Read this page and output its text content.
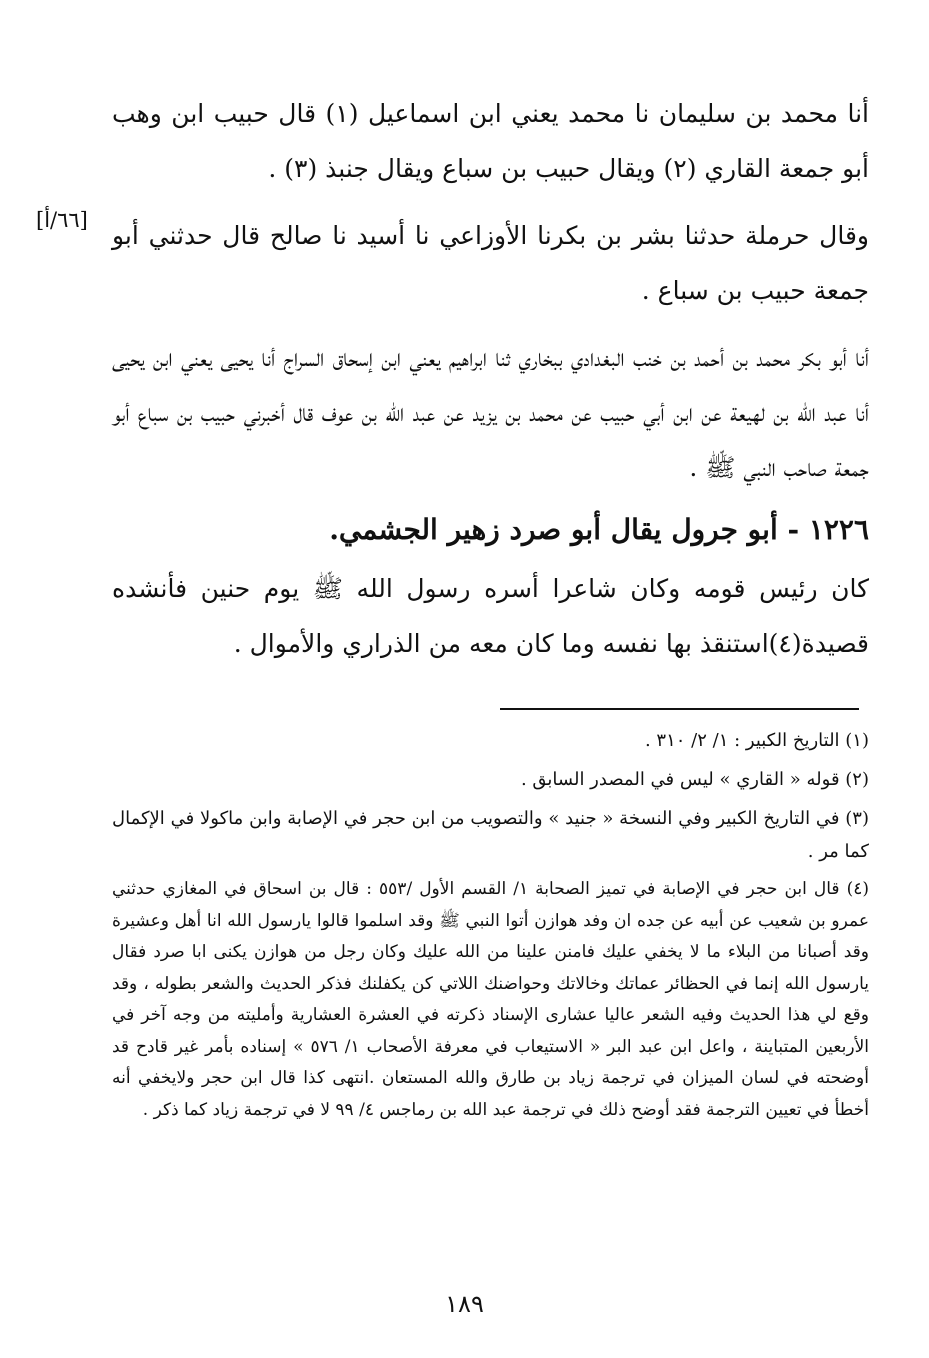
[٦٦/أ]

أنا محمد بن سليمان نا محمد يعني ابن اسماعيل (١) قال حبيب ابن وهب أبو جمعة القاري (٢) ويقال حبيب بن سباع ويقال جنبذ (٣) .

وقال حرملة حدثنا بشر بن بكرنا الأوزاعي نا أسيد نا صالح قال حدثني أبو جمعة حبيب بن سباع .

أنا أبو بكر محمد بن أحمد بن خنب البغدادي ببخاري ثنا ابراهيم يعني ابن إسحاق السراج أنا يحيى يعني ابن يحيى أنا عبد الله بن لهيعة عن ابن أبي حبيب عن محمد بن يزيد عن عبد الله بن عوف قال أخبرني حبيب بن سباع أبو جمعة صاحب النبي ﷺ .

١٢٢٦ - أبو جرول يقال أبو صرد زهير الجشمي.

كان رئيس قومه وكان شاعرا أسره رسول الله ﷺ يوم حنين فأنشده قصيدة(٤)استنقذ بها نفسه وما كان معه من الذراري والأموال .

(١) التاريخ الكبير : ١/ ٢/ ٣١٠ .

(٢) قوله « القاري » ليس في المصدر السابق .

(٣) في التاريخ الكبير وفي النسخة « جنيد » والتصويب من ابن حجر في الإصابة وابن ماكولا في الإكمال كما مر .

(٤) قال ابن حجر في الإصابة في تميز الصحابة ١/ القسم الأول /٥٥٣ : قال بن اسحاق في المغازي حدثني عمرو بن شعيب عن أبيه عن جده ان وفد هوازن أتوا النبي ﷺ وقد اسلموا قالوا يارسول الله انا أهل وعشيرة وقد أصبانا من البلاء ما لا يخفي عليك فامنن علينا من الله عليك وكان رجل من هوازن يكنى ابا صرد فقال يارسول الله إنما في الحظائر عماتك وخالاتك وحواضنك اللاتي كن يكفلنك فذكر الحديث والشعر بطوله ، وقد وقع لي هذا الحديث وفيه الشعر عاليا عشارى الإسناد ذكرته في العشرة العشارية وأمليته من وجه آخر في الأربعين المتباينة ، واعل ابن عبد البر « الاستيعاب في معرفة الأصحاب ١/ ٥٧٦ » إسناده بأمر غير قادح قد أوضحته في لسان الميزان في ترجمة زياد بن طارق والله المستعان .انتهى كذا قال ابن حجر ولايخفي أنه أخطأ في تعيين الترجمة فقد أوضح ذلك في ترجمة عبد الله بن رماجس ٤/ ٩٩ لا في ترجمة زياد كما ذكر .

١٨٩
